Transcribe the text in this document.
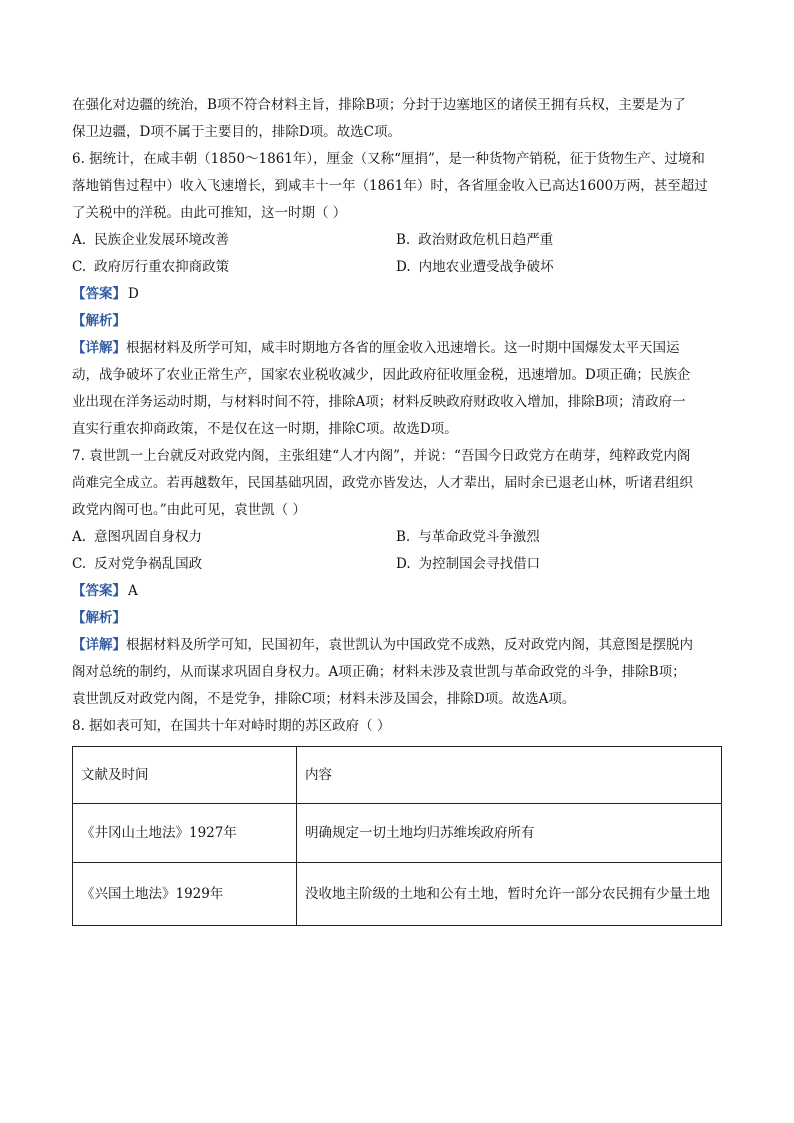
在强化对边疆的统治，B项不符合材料主旨，排除B项；分封于边塞地区的诸侯王拥有兵权，主要是为了
保卫边疆，D项不属于主要目的，排除D项。故选C项。
6. 据统计，在咸丰朝（1850～1861年），厘金（又称“厘捐”，是一种货物产销税，征于货物生产、过境和
落地销售过程中）收入飞速增长，到咸丰十一年（1861年）时，各省厘金收入已高达1600万两，甚至超过
了关税中的洋税。由此可推知，这一时期（ ）
A. 民族企业发展环境改善	B. 政治财政危机日趋严重
C. 政府厉行重农抑商政策	D. 内地农业遭受战争破坏
【答案】 D
【解析】
【详解】根据材料及所学可知，咸丰时期地方各省的厘金收入迅速增长。这一时期中国爆发太平天国运
动，战争破坏了农业正常生产，国家农业税收减少，因此政府征收厘金税，迅速增加。D项正确；民族企
业出现在洋务运动时期，与材料时间不符，排除A项；材料反映政府财政收入增加，排除B项；清政府一
直实行重农抑商政策，不是仅在这一时期，排除C项。故选D项。
7. 袁世凯一上台就反对政党内阁，主张组建“人才内阁”，并说：“吾国今日政党方在萌芽，纯粹政党内阁
尚难完全成立。若再越数年，民国基础巩固，政党亦皆发达，人才辈出，届时余已退老山林，听诸君组织
政党内阁可也。”由此可见，袁世凯（ ）
A. 意图巩固自身权力	B. 与革命政党斗争激烈
C. 反对党争祸乱国政	D. 为控制国会寻找借口
【答案】 A
【解析】
【详解】根据材料及所学可知，民国初年，袁世凯认为中国政党不成熟，反对政党内阁，其意图是摆脱内
阁对总统的制约，从而谋求巩固自身权力。A项正确；材料未涉及袁世凯与革命政党的斗争，排除B项；
袁世凯反对政党内阁，不是党争，排除C项；材料未涉及国会，排除D项。故选A项。
8. 据如表可知，在国共十年对峙时期的苏区政府（ ）
文献及时间	内容
《井冈山土地法》1927年	明确规定一切土地均归苏维埃政府所有
《兴国土地法》1929年	没收地主阶级的土地和公有土地，暂时允许一部分农民拥有少量土地
